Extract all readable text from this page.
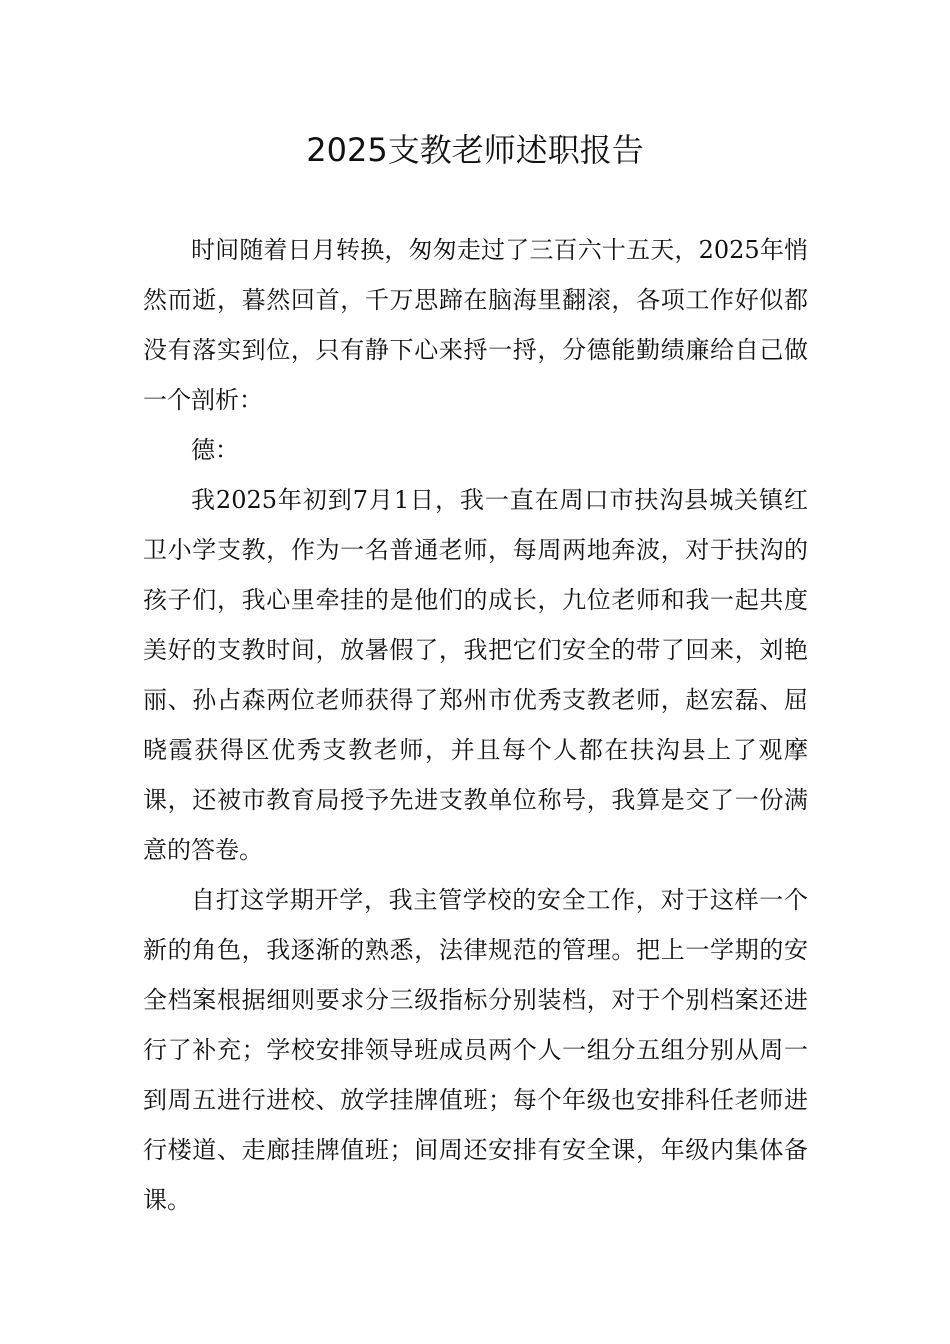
2025支教老师述职报告

时间随着日月转换，匆匆走过了三百六十五天，2025年悄然而逝，暮然回首，千万思蹄在脑海里翻滚，各项工作好似都没有落实到位，只有静下心来捋一捋，分德能勤绩廉给自己做一个剖析：

德：

我2025年初到7月1日，我一直在周口市扶沟县城关镇红卫小学支教，作为一名普通老师，每周两地奔波，对于扶沟的孩子们，我心里牵挂的是他们的成长，九位老师和我一起共度美好的支教时间，放暑假了，我把它们安全的带了回来，刘艳丽、孙占森两位老师获得了郑州市优秀支教老师，赵宏磊、屈晓霞获得区优秀支教老师，并且每个人都在扶沟县上了观摩课，还被市教育局授予先进支教单位称号，我算是交了一份满意的答卷。

自打这学期开学，我主管学校的安全工作，对于这样一个新的角色，我逐渐的熟悉，法律规范的管理。把上一学期的安全档案根据细则要求分三级指标分别装档，对于个别档案还进行了补充；学校安排领导班成员两个人一组分五组分别从周一到周五进行进校、放学挂牌值班；每个年级也安排科任老师进行楼道、走廊挂牌值班；间周还安排有安全课，年级内集体备课。
